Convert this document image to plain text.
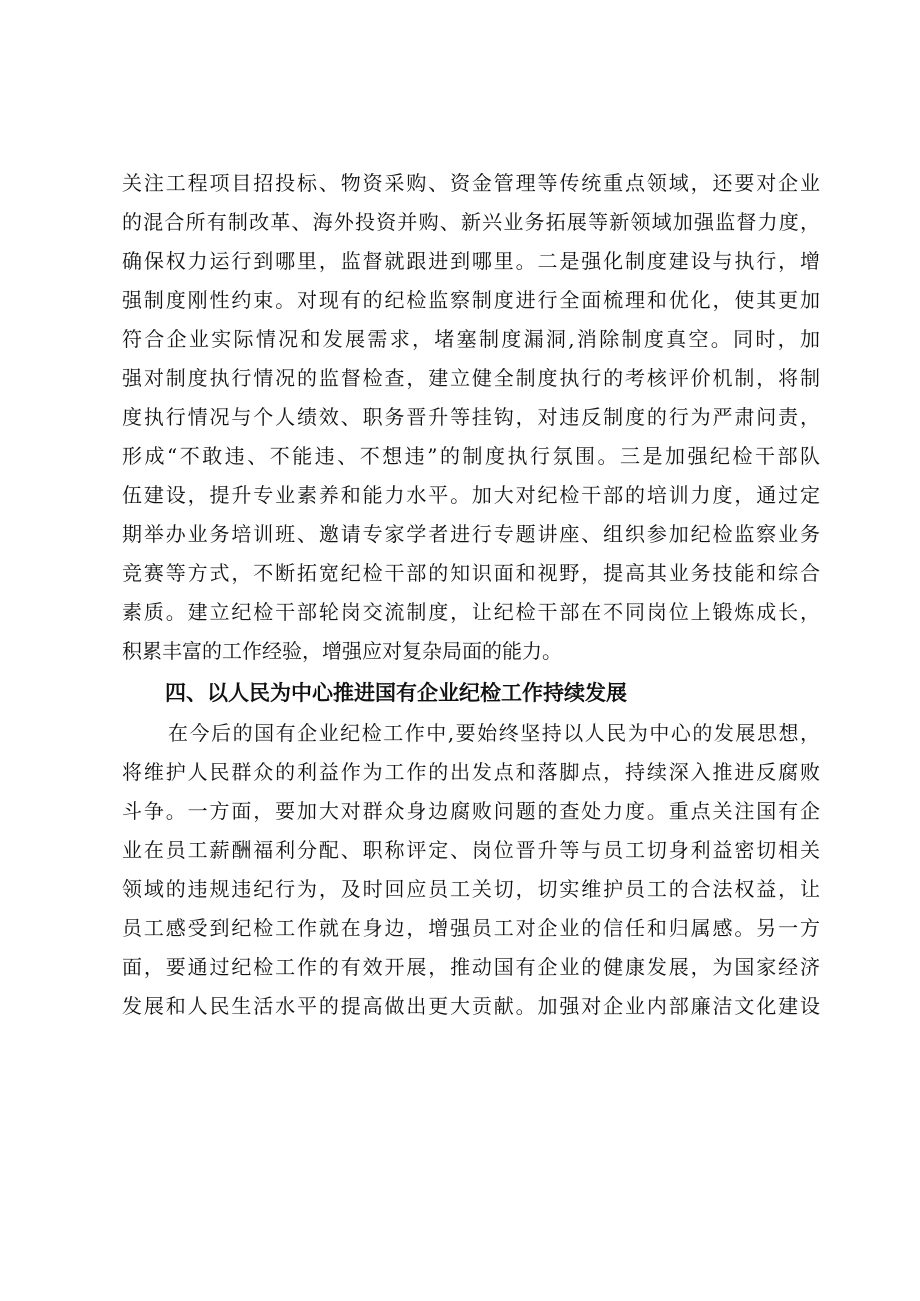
关注工程项目招投标、物资采购、资金管理等传统重点领域，还要对企业
的混合所有制改革、海外投资并购、新兴业务拓展等新领域加强监督力度，
确保权力运行到哪里，监督就跟进到哪里。二是强化制度建设与执行，增
强制度刚性约束。对现有的纪检监察制度进行全面梳理和优化，使其更加
符合企业实际情况和发展需求，堵塞制度漏洞,消除制度真空。同时，加
强对制度执行情况的监督检查，建立健全制度执行的考核评价机制，将制
度执行情况与个人绩效、职务晋升等挂钩，对违反制度的行为严肃问责，
形成“不敢违、不能违、不想违”的制度执行氛围。三是加强纪检干部队
伍建设，提升专业素养和能力水平。加大对纪检干部的培训力度，通过定
期举办业务培训班、邀请专家学者进行专题讲座、组织参加纪检监察业务
竞赛等方式，不断拓宽纪检干部的知识面和视野，提高其业务技能和综合
素质。建立纪检干部轮岗交流制度，让纪检干部在不同岗位上锻炼成长，
积累丰富的工作经验，增强应对复杂局面的能力。
四、以人民为中心推进国有企业纪检工作持续发展
在今后的国有企业纪检工作中,要始终坚持以人民为中心的发展思想，
将维护人民群众的利益作为工作的出发点和落脚点，持续深入推进反腐败
斗争。一方面，要加大对群众身边腐败问题的查处力度。重点关注国有企
业在员工薪酬福利分配、职称评定、岗位晋升等与员工切身利益密切相关
领域的违规违纪行为，及时回应员工关切，切实维护员工的合法权益，让
员工感受到纪检工作就在身边，增强员工对企业的信任和归属感。另一方
面，要通过纪检工作的有效开展，推动国有企业的健康发展，为国家经济
发展和人民生活水平的提高做出更大贡献。加强对企业内部廉洁文化建设
